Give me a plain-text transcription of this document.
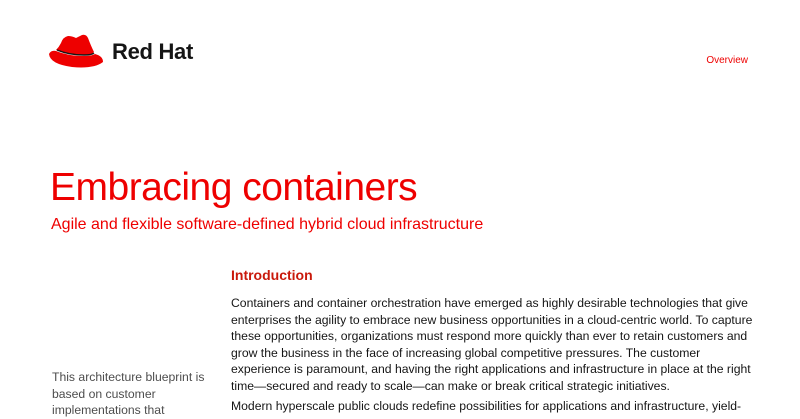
Red Hat	Overview
Embracing containers
Agile and flexible software-defined hybrid cloud infrastructure
Introduction

Containers and container orchestration have emerged as highly desirable technologies that give enterprises the agility to embrace new business opportunities in a cloud-centric world. To capture these opportunities, organizations must respond more quickly than ever to retain customers and grow the business in the face of increasing global competitive pressures. The customer experience is paramount, and having the right applications and infrastructure in place at the right time—secured and ready to scale—can make or break critical strategic initiatives.

Modern hyperscale public clouds redefine possibilities for applications and infrastructure, yield-

This architecture blueprint is based on customer implementations that
